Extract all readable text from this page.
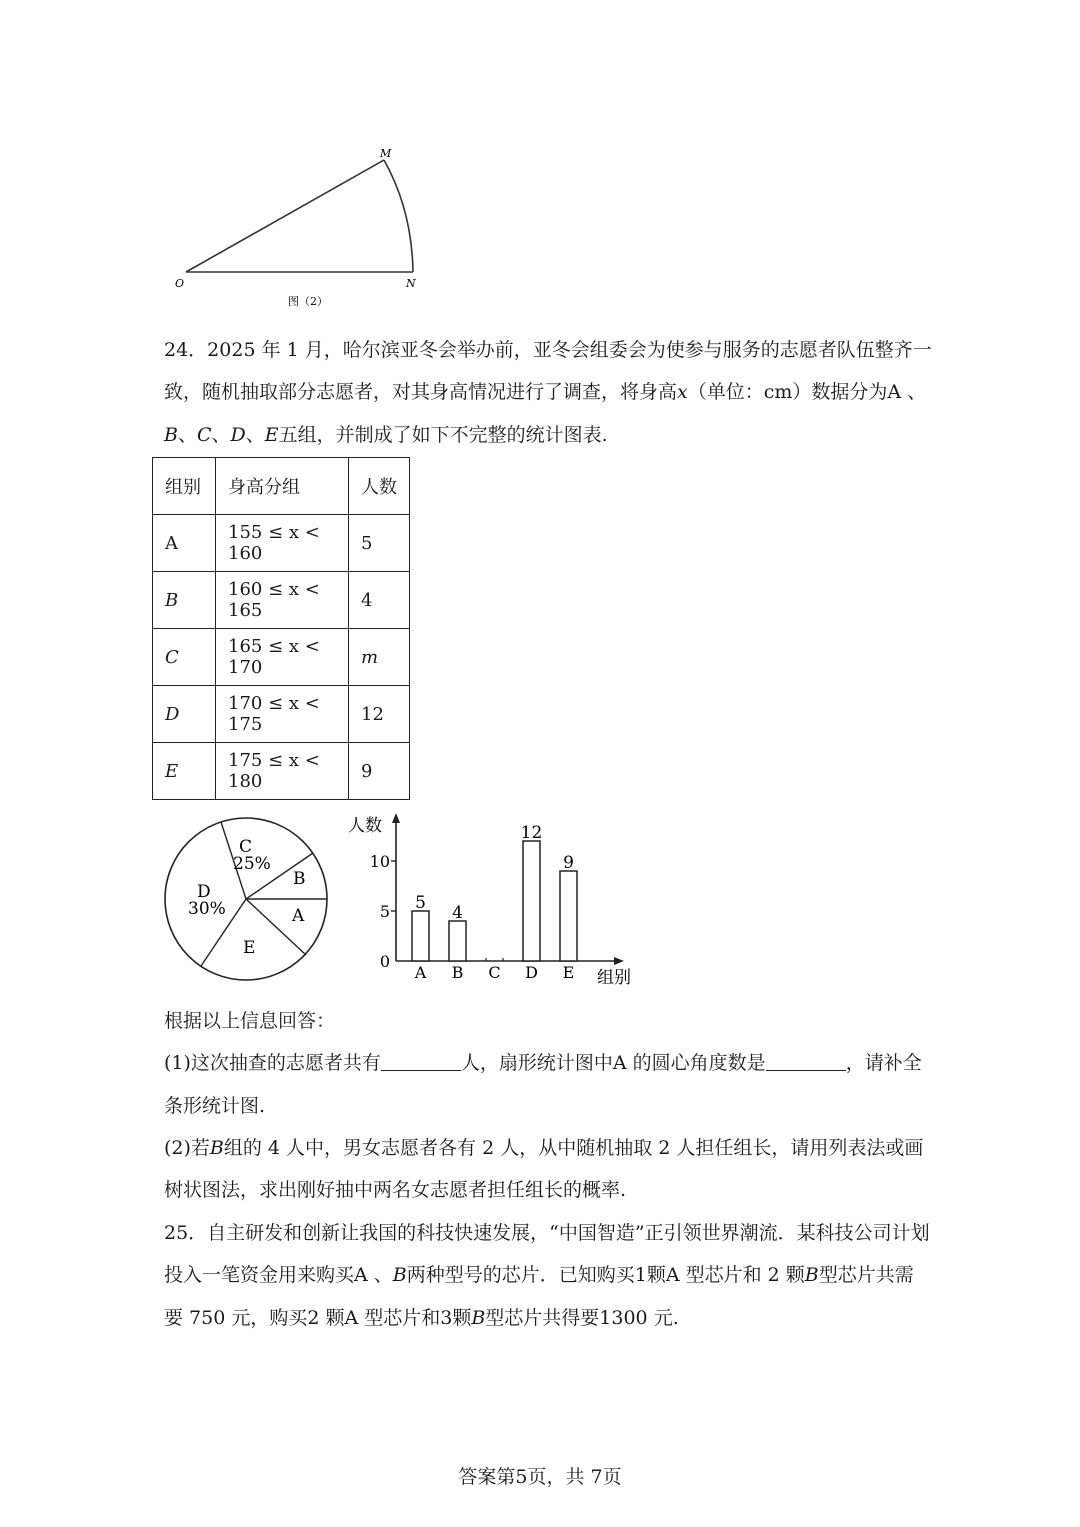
M
O	N
图（2）
24．2025 年 1 月，哈尔滨亚冬会举办前，亚冬会组委会为使参与服务的志愿者队伍整齐一
致，随机抽取部分志愿者，对其身高情况进行了调查，将身高x（单位：cm）数据分为A 、
B、C、D、E五组，并制成了如下不完整的统计图表.
组别	身高分组	人数
A	155 ≤ x < 160	5
B	160 ≤ x < 165	4
C	165 ≤ x < 170	m
D	170 ≤ x < 175	12
E	175 ≤ x < 180	9
C
25%
D
30%
B
A
E
人数
组别
0
5
10
5
A
4
B C
12
D
9
E
根据以上信息回答：
(1)这次抽查的志愿者共有	人，扇形统计图中A 的圆心角度数是	，请补全
条形统计图.
(2)若B组的 4 人中，男女志愿者各有 2 人，从中随机抽取 2 人担任组长，请用列表法或画
树状图法，求出刚好抽中两名女志愿者担任组长的概率.
25．自主研发和创新让我国的科技快速发展，“中国智造”正引领世界潮流．某科技公司计划
投入一笔资金用来购买A 、B两种型号的芯片．已知购买1颗A 型芯片和 2 颗B型芯片共需
要 750 元，购买2 颗A 型芯片和3颗B型芯片共得要1300 元.
答案第5页，共 7页
